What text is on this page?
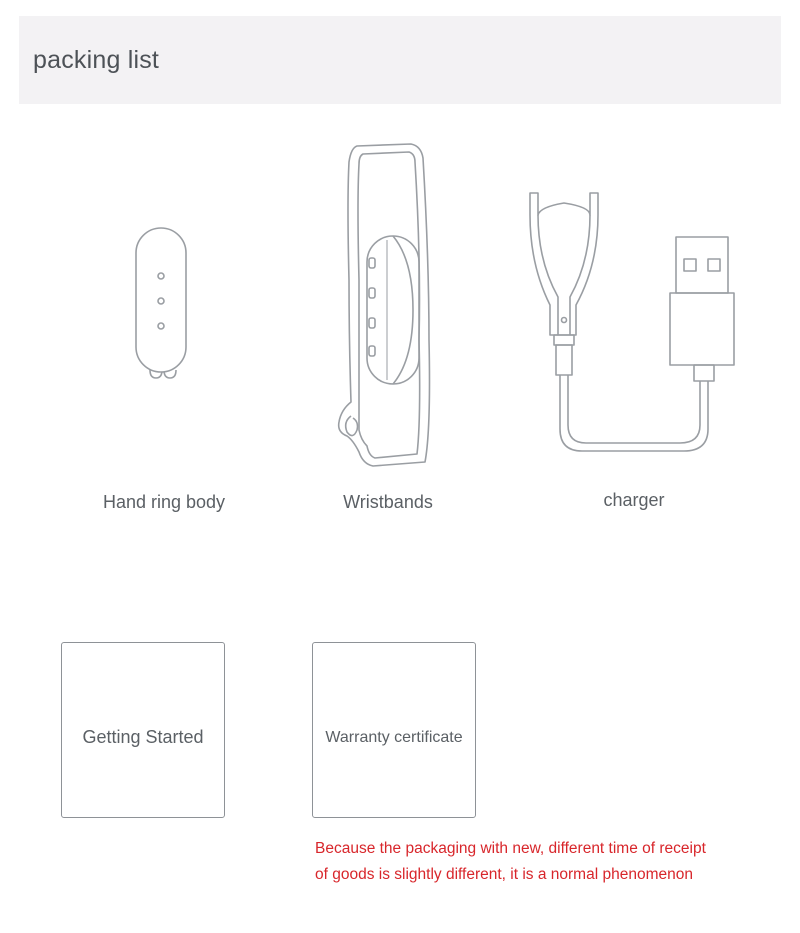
packing list
Hand ring body	Wristbands	charger
Getting Started	Warranty certificate
Because the packaging with new, different time of receipt
of goods is slightly different, it is a normal phenomenon
